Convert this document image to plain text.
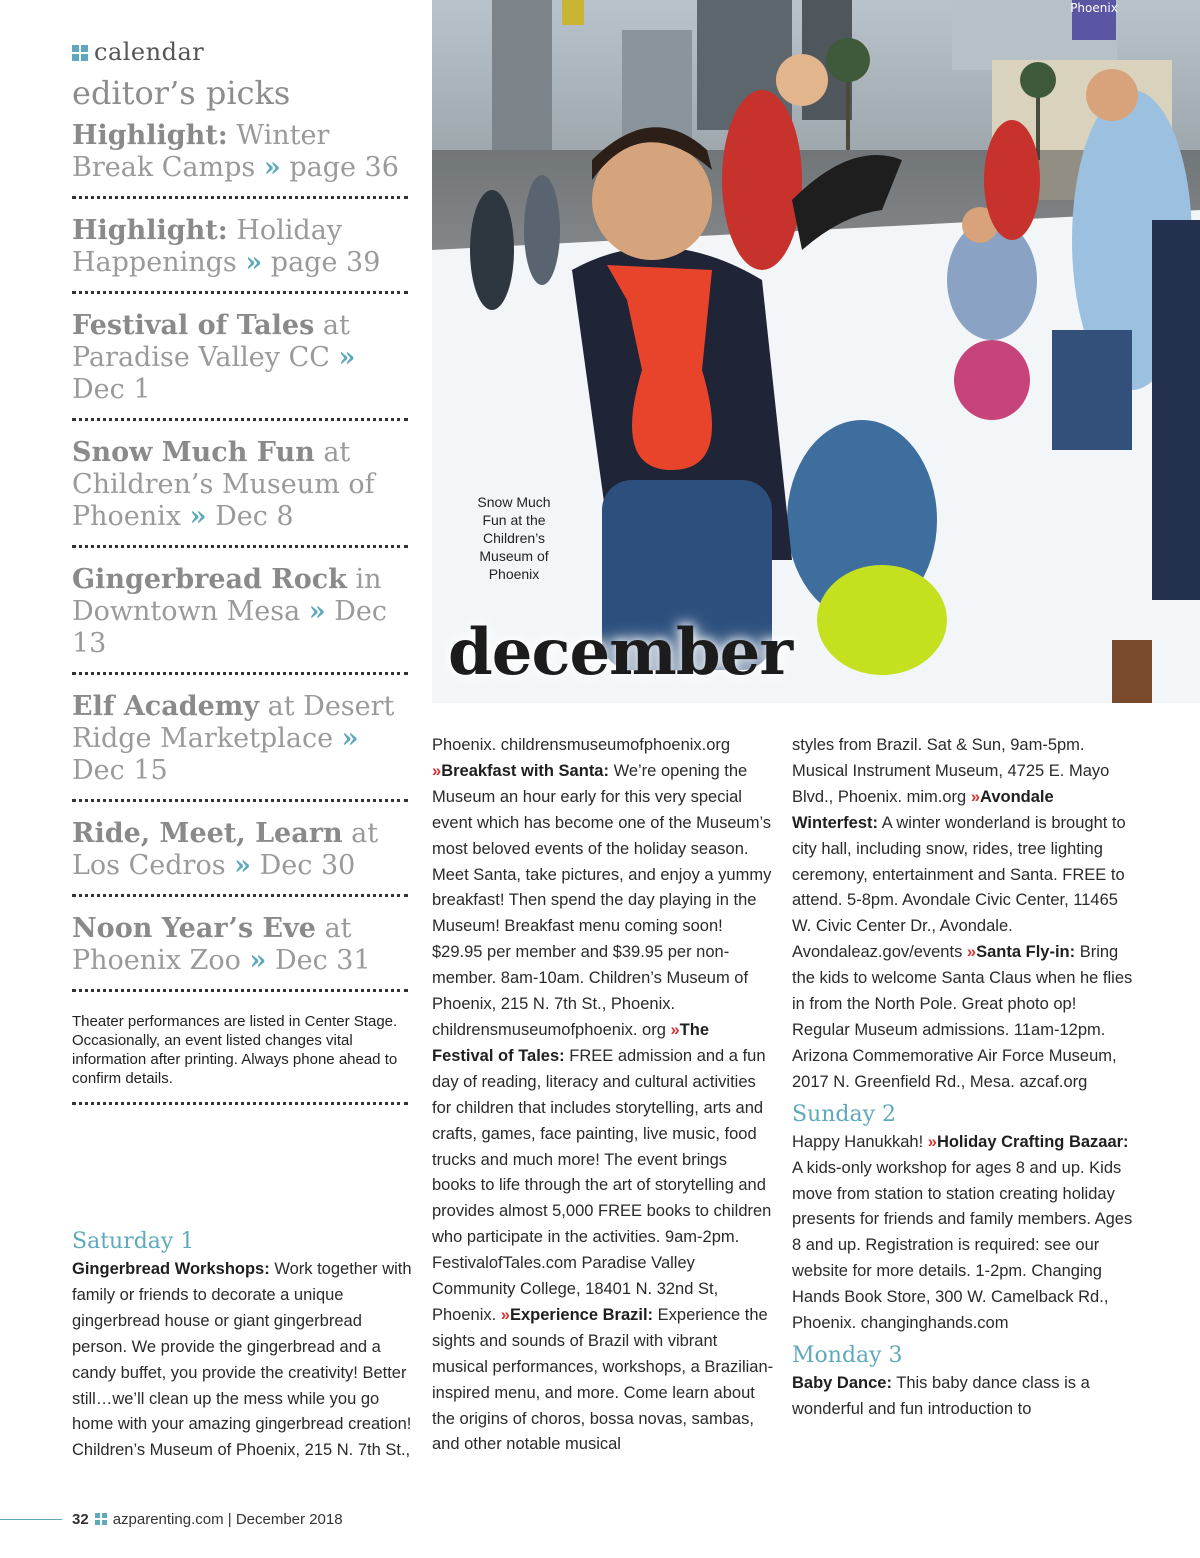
calendar
editor’s picks
Highlight: Winter Break Camps » page 36
Highlight: Holiday Happenings » page 39
Festival of Tales at Paradise Valley CC » Dec 1
Snow Much Fun at Children’s Museum of Phoenix » Dec 8
Gingerbread Rock in Downtown Mesa » Dec 13
Elf Academy at Desert Ridge Marketplace » Dec 15
Ride, Meet, Learn at Los Cedros » Dec 30
Noon Year’s Eve at Phoenix Zoo » Dec 31
Theater performances are listed in Center Stage. Occasionally, an event listed changes vital information after printing. Always phone ahead to confirm details.
Phoenix
Snow Much Fun at the Children’s Museum of Phoenix
december
Saturday 1
Gingerbread Workshops: Work together with family or friends to decorate a unique gingerbread house or giant gingerbread person. We provide the gingerbread and a candy buffet, you provide the creativity! Better still…we’ll clean up the mess while you go home with your amazing gingerbread creation! Children’s Museum of Phoenix, 215 N. 7th St.,
Phoenix. childrensmuseumofphoenix.org »Breakfast with Santa: We’re opening the Museum an hour early for this very special event which has become one of the Museum’s most beloved events of the holiday season. Meet Santa, take pictures, and enjoy a yummy breakfast! Then spend the day playing in the Museum! Breakfast menu coming soon! $29.95 per member and $39.95 per non-member. 8am-10am. Children’s Museum of Phoenix, 215 N. 7th St., Phoenix. childrensmuseumofphoenix. org »The Festival of Tales: FREE admission and a fun day of reading, literacy and cultural activities for children that includes storytelling, arts and crafts, games, face painting, live music, food trucks and much more! The event brings books to life through the art of storytelling and provides almost 5,000 FREE books to children who participate in the activities. 9am-2pm. FestivalofTales.com Paradise Valley Community College, 18401 N. 32nd St, Phoenix. »Experience Brazil: Experience the sights and sounds of Brazil with vibrant musical performances, workshops, a Brazilian-inspired menu, and more. Come learn about the origins of choros, bossa novas, sambas, and other notable musical
styles from Brazil. Sat & Sun, 9am-5pm. Musical Instrument Museum, 4725 E. Mayo Blvd., Phoenix. mim.org »Avondale Winterfest: A winter wonderland is brought to city hall, including snow, rides, tree lighting ceremony, entertainment and Santa. FREE to attend. 5-8pm. Avondale Civic Center, 11465 W. Civic Center Dr., Avondale. Avondaleaz.gov/events »Santa Fly-in: Bring the kids to welcome Santa Claus when he flies in from the North Pole. Great photo op! Regular Museum admissions. 11am-12pm. Arizona Commemorative Air Force Museum, 2017 N. Greenfield Rd., Mesa. azcaf.org
Sunday 2
Happy Hanukkah! »Holiday Crafting Bazaar: A kids-only workshop for ages 8 and up. Kids move from station to station creating holiday presents for friends and family members. Ages 8 and up. Registration is required: see our website for more details. 1-2pm. Changing Hands Book Store, 300 W. Camelback Rd., Phoenix. changinghands.com
Monday 3
Baby Dance: This baby dance class is a wonderful and fun introduction to
32 azparenting.com | December 2018
